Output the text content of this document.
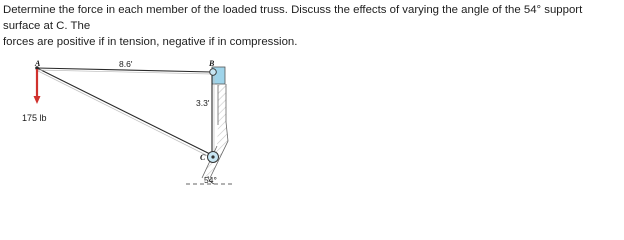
Determine the force in each member of the loaded truss. Discuss the effects of varying the angle of the 54° support surface at C. The

forces are positive if in tension, negative if in compression.

A	B
C
8.6'
3.3'
175 lb
54°
